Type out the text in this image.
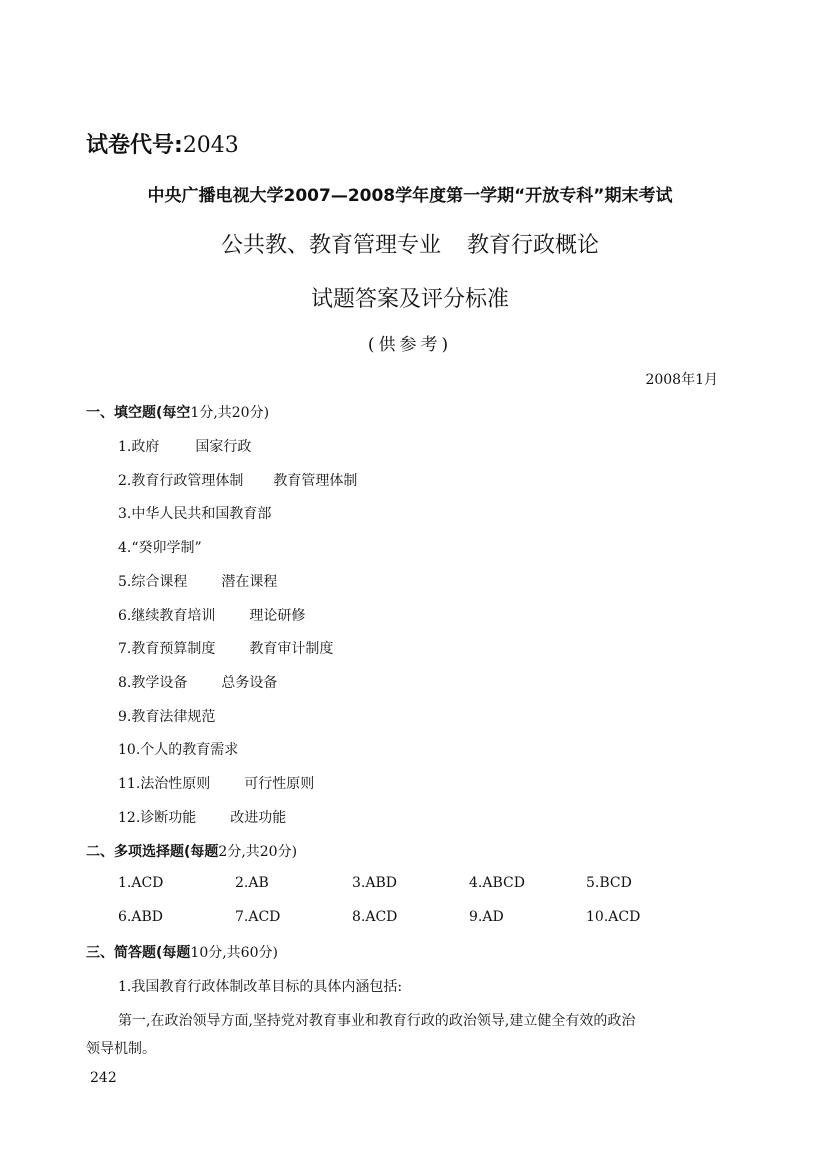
试卷代号:2043
中央广播电视大学2007—2008学年度第一学期“开放专科”期末考试
公共教、教育管理专业 教育行政概论
试题答案及评分标准
(供参考)
2008年1月
一、填空题(每空1分,共20分)
1.政府	国家行政
2.教育行政管理体制 教育管理体制
3.中华人民共和国教育部
4.“癸卯学制”
5.综合课程 潜在课程
6.继续教育培训 理论研修
7.教育预算制度 教育审计制度
8.教学设备 总务设备
9.教育法律规范
10.个人的教育需求
11.法治性原则 可行性原则
12.诊断功能 改进功能
二、多项选择题(每题2分,共20分)
1.ACD	2.AB	3.ABD	4.ABCD	5.BCD
6.ABD	7.ACD	8.ACD	9.AD	10.ACD
三、简答题(每题10分,共60分)
1.我国教育行政体制改革目标的具体内涵包括:
第一,在政治领导方面,坚持党对教育事业和教育行政的政治领导,建立健全有效的政治
领导机制。
242
